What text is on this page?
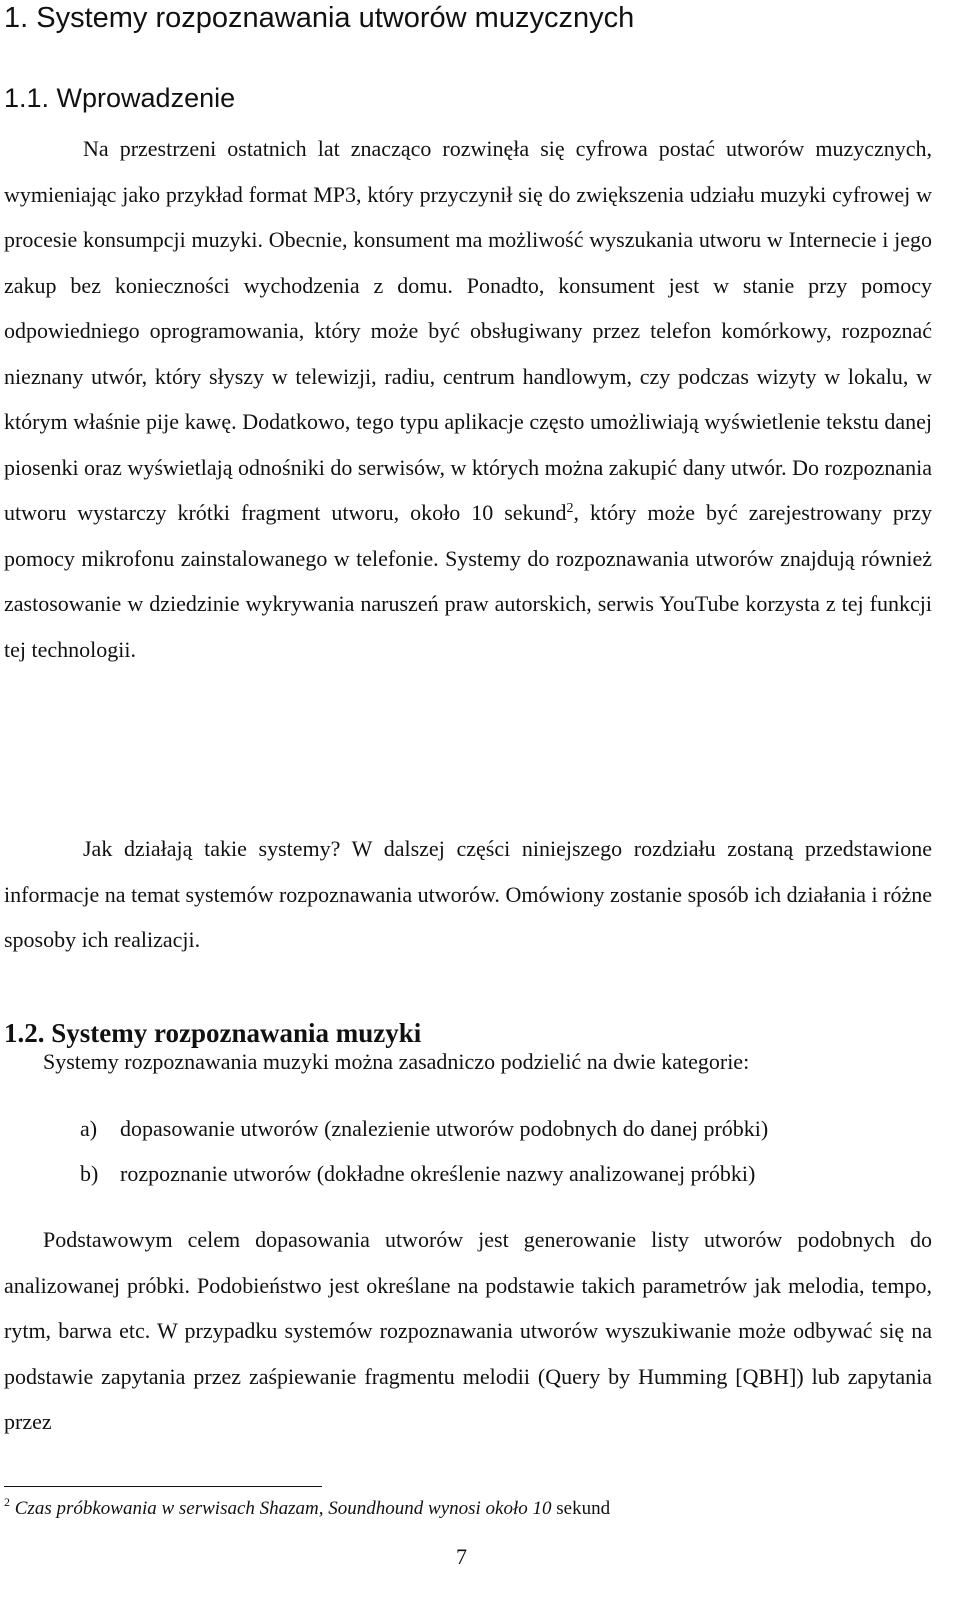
1. Systemy rozpoznawania utworów muzycznych
1.1. Wprowadzenie

Na przestrzeni ostatnich lat znacząco rozwinęła się cyfrowa postać utworów muzycznych, wymieniając jako przykład format MP3, który przyczynił się do zwiększenia udziału muzyki cyfrowej w procesie konsumpcji muzyki. Obecnie, konsument ma możliwość wyszukania utworu w Internecie i jego zakup bez konieczności wychodzenia z domu. Ponadto, konsument jest w stanie przy pomocy odpowiedniego oprogramowania, który może być obsługiwany przez telefon komórkowy, rozpoznać nieznany utwór, który słyszy w telewizji, radiu, centrum handlowym, czy podczas wizyty w lokalu, w którym właśnie pije kawę. Dodatkowo, tego typu aplikacje często umożliwiają wyświetlenie tekstu danej piosenki oraz wyświetlają odnośniki do serwisów, w których można zakupić dany utwór. Do rozpoznania utworu wystarczy krótki fragment utworu, około 10 sekund$^2$, który może być zarejestrowany przy pomocy mikrofonu zainstalowanego w telefonie. Systemy do rozpoznawania utworów znajdują również zastosowanie w dziedzinie wykrywania naruszeń praw autorskich, serwis YouTube korzysta z tej funkcji tej technologii.

Jak działają takie systemy? W dalszej części niniejszego rozdziału zostaną przedstawione informacje na temat systemów rozpoznawania utworów. Omówiony zostanie sposób ich działania i różne sposoby ich realizacji.

1.2. Systemy rozpoznawania muzyki

Systemy rozpoznawania muzyki można zasadniczo podzielić na dwie kategorie:

a) dopasowanie utworów (znalezienie utworów podobnych do danej próbki)
b) rozpoznanie utworów (dokładne określenie nazwy analizowanej próbki)

Podstawowym celem dopasowania utworów jest generowanie listy utworów podobnych do analizowanej próbki. Podobieństwo jest określane na podstawie takich parametrów jak melodia, tempo, rytm, barwa etc. W przypadku systemów rozpoznawania utworów wyszukiwanie może odbywać się na podstawie zapytania przez zaśpiewanie fragmentu melodii (Query by Humming [QBH]) lub zapytania przez

$^2$ Czas próbkowania w serwisach Shazam, Soundhound wynosi około 10 sekund

7
